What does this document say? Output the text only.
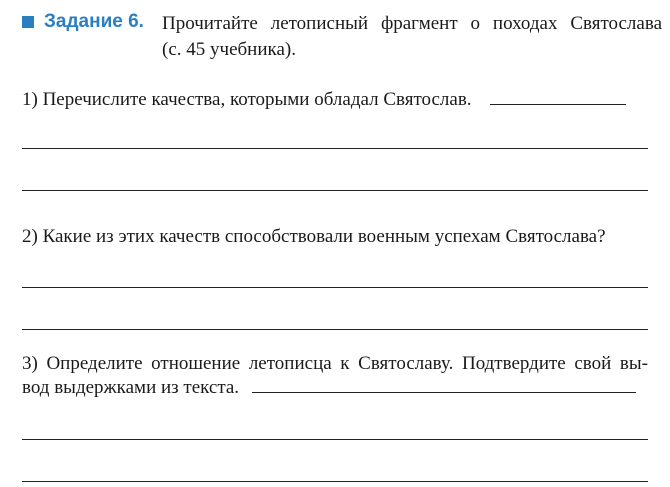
Задание 6. Прочитайте летописный фрагмент о походах Святослава
(с. 45 учебника).
1) Перечислите качества, которыми обладал Святослав.
2) Какие из этих качеств способствовали военным успехам Святослава?
3) Определите отношение летописца к Святославу. Подтвердите свой вы-
вод выдержками из текста.
